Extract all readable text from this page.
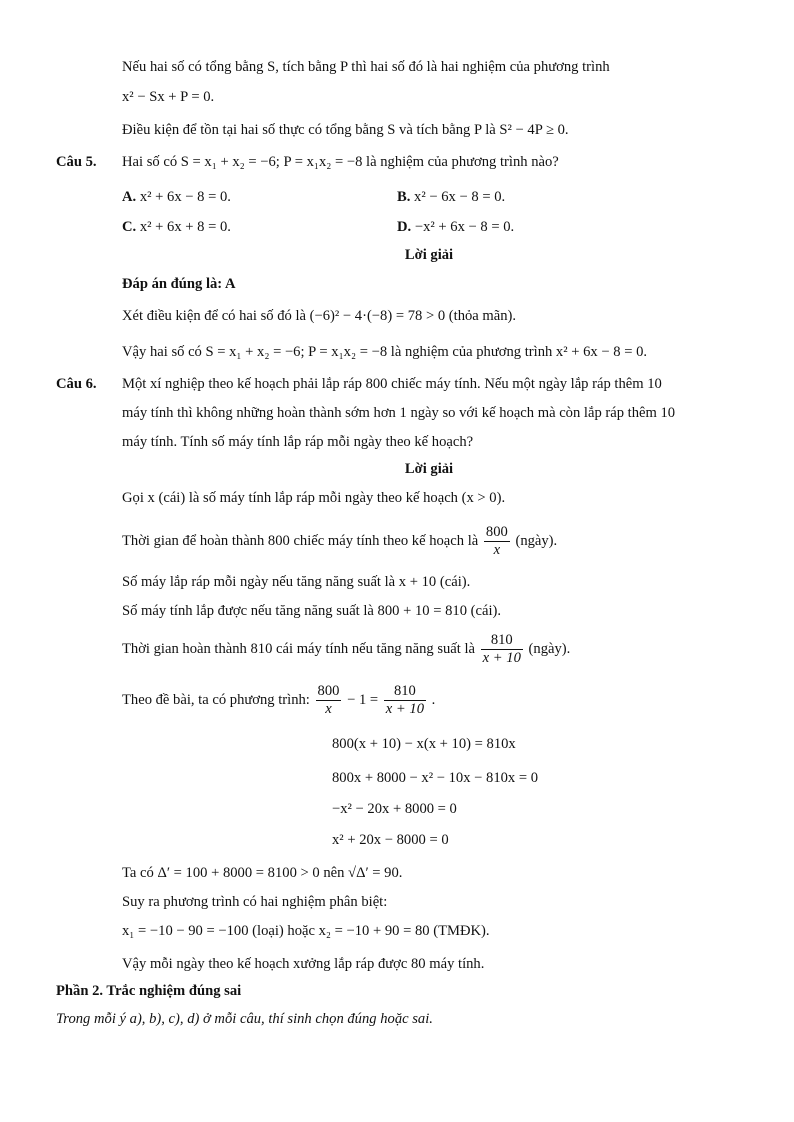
Nếu hai số có tổng bằng S, tích bằng P thì hai số đó là hai nghiệm của phương trình
x² − Sx + P = 0.
Điều kiện để tồn tại hai số thực có tổng bằng S và tích bằng P là S² − 4P ≥ 0.
Câu 5. Hai số có S = x₁ + x₂ = −6; P = x₁x₂ = −8 là nghiệm của phương trình nào?
A. x² + 6x − 8 = 0.	B. x² − 6x − 8 = 0.
C. x² + 6x + 8 = 0.	D. −x² + 6x − 8 = 0.
Lời giải
Đáp án đúng là: A
Xét điều kiện để có hai số đó là (−6)² − 4·(−8) = 78 > 0 (thỏa mãn).
Vậy hai số có S = x₁ + x₂ = −6; P = x₁x₂ = −8 là nghiệm của phương trình x² + 6x − 8 = 0.
Câu 6. Một xí nghiệp theo kế hoạch phải lắp ráp 800 chiếc máy tính. Nếu một ngày lắp ráp thêm 10
máy tính thì không những hoàn thành sớm hơn 1 ngày so với kế hoạch mà còn lắp ráp thêm 10
máy tính. Tính số máy tính lắp ráp mỗi ngày theo kế hoạch?
Lời giải
Gọi x (cái) là số máy tính lắp ráp mỗi ngày theo kế hoạch (x > 0).
Thời gian để hoàn thành 800 chiếc máy tính theo kế hoạch là $\frac{800}{x}$ (ngày).
Số máy lắp ráp mỗi ngày nếu tăng năng suất là x + 10 (cái).
Số máy tính lắp được nếu tăng năng suất là 800 + 10 = 810 (cái).
Thời gian hoàn thành 810 cái máy tính nếu tăng năng suất là $\frac{810}{x + 10}$ (ngày).
Theo đề bài, ta có phương trình: $\frac{800}{x} - 1 = \frac{810}{x + 10}$ .
800(x + 10) − x(x + 10) = 810x
800x + 8000 − x² − 10x − 810x = 0
−x² − 20x + 8000 = 0
x² + 20x − 8000 = 0
Ta có Δ′ = 100 + 8000 = 8100 > 0 nên √Δ′ = 90.
Suy ra phương trình có hai nghiệm phân biệt:
x₁ = −10 − 90 = −100 (loại) hoặc x₂ = −10 + 90 = 80 (TMĐK).
Vậy mỗi ngày theo kế hoạch xưởng lắp ráp được 80 máy tính.
Phần 2. Trắc nghiệm đúng sai
Trong mỗi ý a), b), c), d) ở mỗi câu, thí sinh chọn đúng hoặc sai.
